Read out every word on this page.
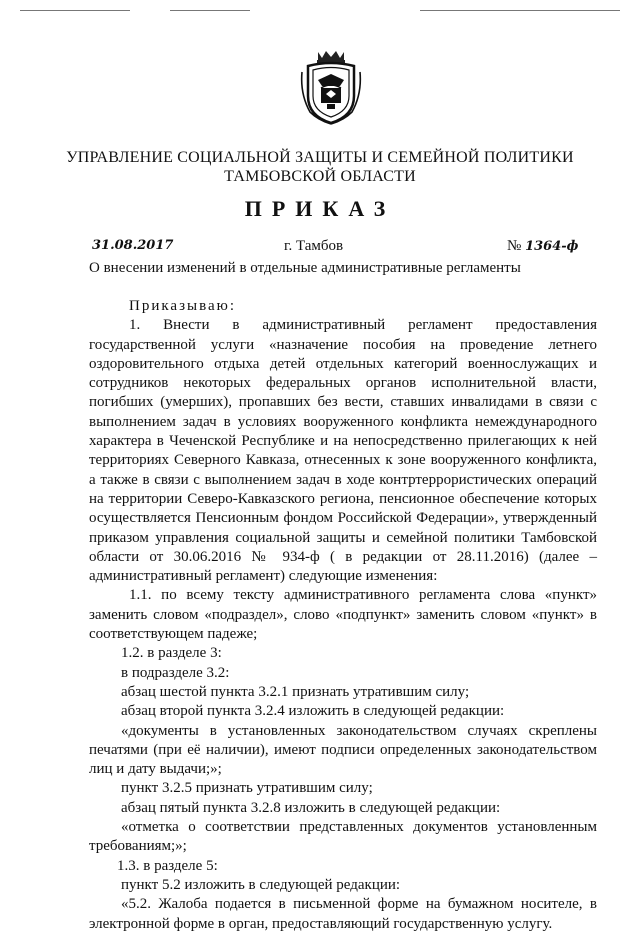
УПРАВЛЕНИЕ СОЦИАЛЬНОЙ ЗАЩИТЫ И СЕМЕЙНОЙ ПОЛИТИКИ
ТАМБОВСКОЙ ОБЛАСТИ
ПРИКАЗ
31.08.2017	г. Тамбов	№ 1364-ф
О внесении изменений в отдельные административные регламенты

Приказываю:

1. Внести в административный регламент предоставления государственной услуги «назначение пособия на проведение летнего оздоровительного отдыха детей отдельных категорий военнослужащих и сотрудников некоторых федеральных органов исполнительной власти, погибших (умерших), пропавших без вести, ставших инвалидами в связи с выполнением задач в условиях вооруженного конфликта немеждународного характера в Чеченской Республике и на непосредственно прилегающих к ней территориях Северного Кавказа, отнесенных к зоне вооруженного конфликта, а также в связи с выполнением задач в ходе контртеррористических операций на территории Северо-Кавказского региона, пенсионное обеспечение которых осуществляется Пенсионным фондом Российской Федерации», утвержденный приказом управления социальной защиты и семейной политики Тамбовской области от 30.06.2016 № 934-ф ( в редакции от 28.11.2016) (далее – административный регламент) следующие изменения:

1.1. по всему тексту административного регламента слова «пункт» заменить словом «подраздел», слово «подпункт» заменить словом «пункт» в соответствующем падеже;

1.2. в разделе 3:

в подразделе 3.2:

абзац шестой пункта 3.2.1 признать утратившим силу;

абзац второй пункта 3.2.4 изложить в следующей редакции:

«документы в установленных законодательством случаях скреплены печатями (при её наличии), имеют подписи определенных законодательством лиц и дату выдачи;»;

пункт 3.2.5 признать утратившим силу;

абзац пятый пункта 3.2.8 изложить в следующей редакции:

«отметка о соответствии представленных документов установленным требованиям;»;

1.3. в разделе 5:

пункт 5.2 изложить в следующей редакции:

«5.2. Жалоба подается в письменной форме на бумажном носителе, в электронной форме в орган, предоставляющий государственную услугу.
